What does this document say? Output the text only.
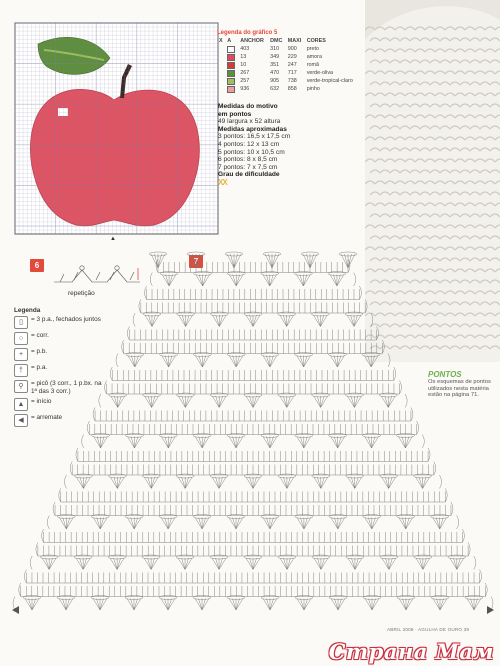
▲
Legenda do gráfico 5
X	A	ANCHOR	DMC	MAXI	CORES
		403	310	900	preto
		13	349	229	amora
		10	351	247	romã
		267	470	717	verde-oliva
		257	905	738	verde-tropical-claro
		936	632	858	pinho
Medidas do motivo
em pontos
49 largura x 52 altura
Medidas aproximadas
3 pontos: 16,5 x 17,5 cm
4 pontos: 12 x 13 cm
5 pontos: 10 x 10,5 cm
6 pontos: 8 x 8,5 cm
7 pontos: 7 x 7,5 cm
Grau de dificuldade
XX
6
repetição
Legenda
▯	= 3 p.a., fechados juntos
○	= corr.
+	= p.b.
†	= p.a.
⚲	= picô (3 corr., 1 p.bx. na 1ª das 3 corr.)
▲	= início
◀	= arremate
7
PONTOS
Os esquemas de pontos utilizados nesta matéria estão na página 71.
ABRIL 2008 · AGULHA DE OURO 39
Страна Мам
